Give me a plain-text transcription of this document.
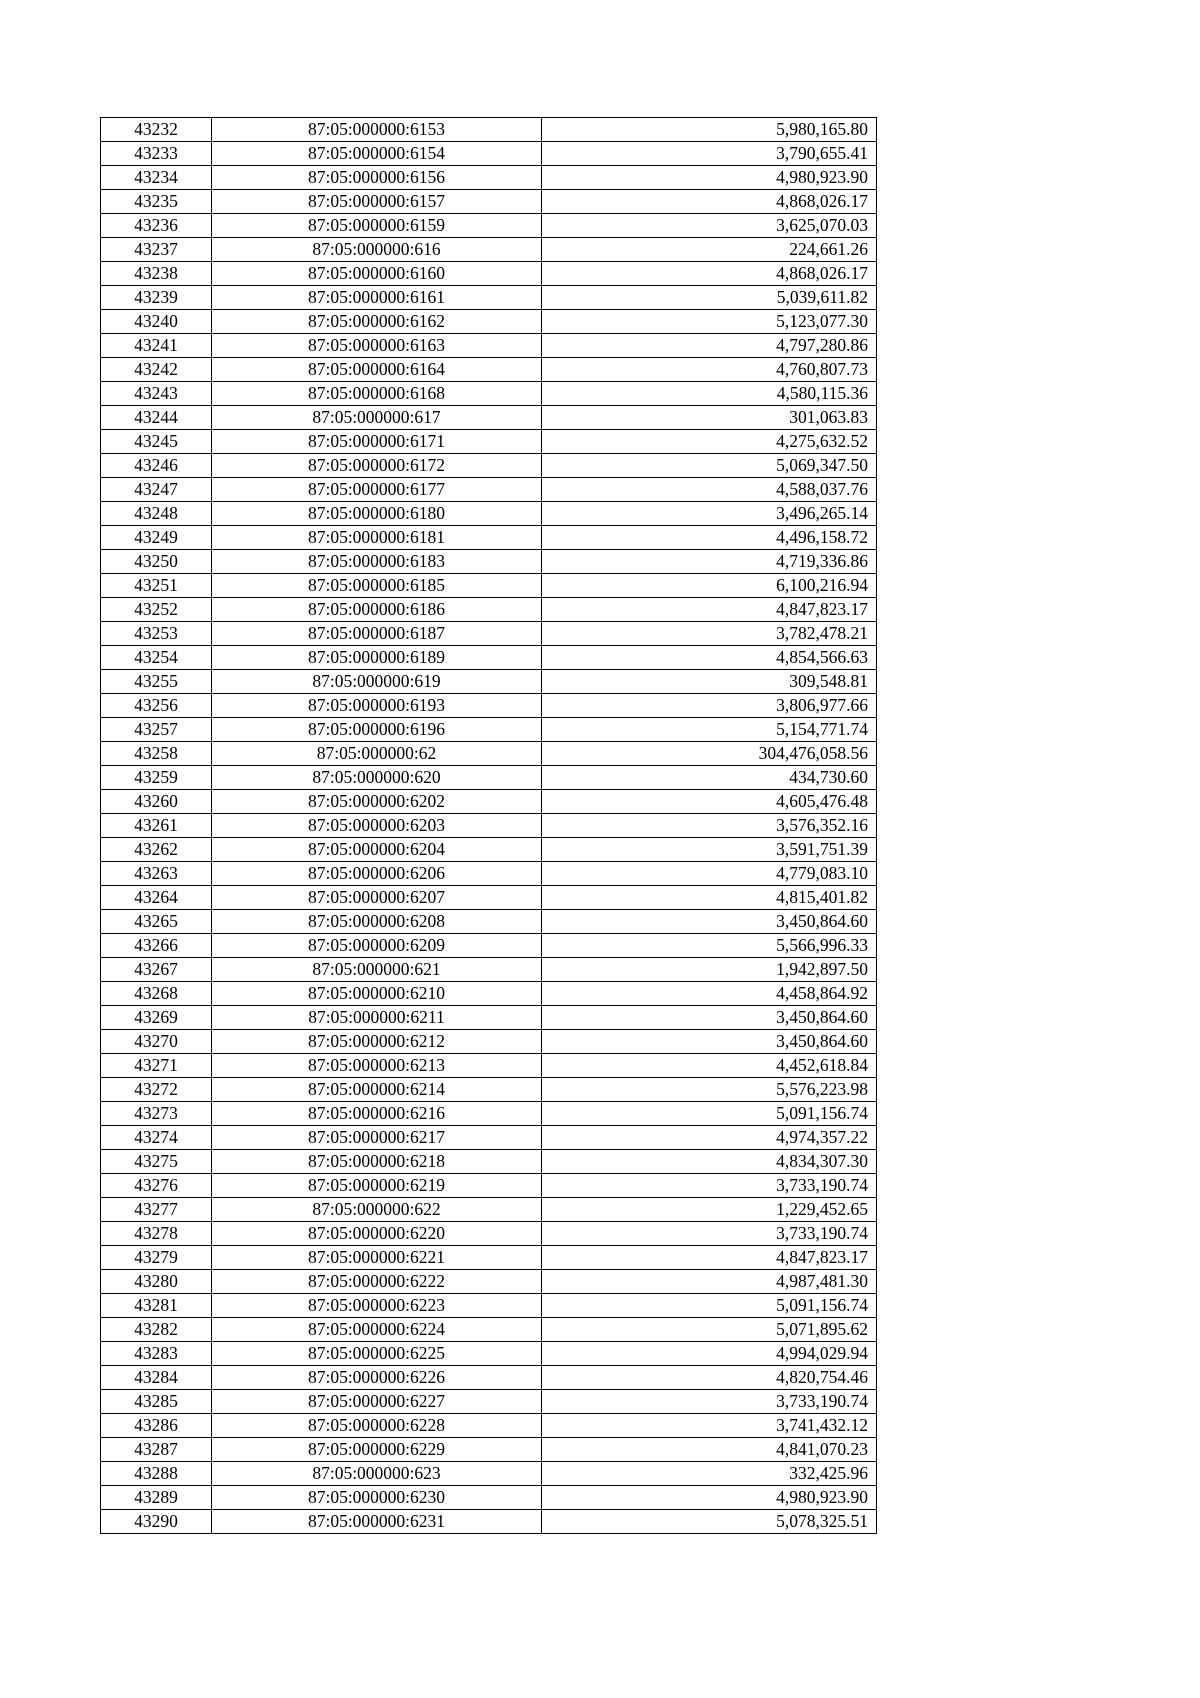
43232	87:05:000000:6153	5,980,165.80
43233	87:05:000000:6154	3,790,655.41
43234	87:05:000000:6156	4,980,923.90
43235	87:05:000000:6157	4,868,026.17
43236	87:05:000000:6159	3,625,070.03
43237	87:05:000000:616	224,661.26
43238	87:05:000000:6160	4,868,026.17
43239	87:05:000000:6161	5,039,611.82
43240	87:05:000000:6162	5,123,077.30
43241	87:05:000000:6163	4,797,280.86
43242	87:05:000000:6164	4,760,807.73
43243	87:05:000000:6168	4,580,115.36
43244	87:05:000000:617	301,063.83
43245	87:05:000000:6171	4,275,632.52
43246	87:05:000000:6172	5,069,347.50
43247	87:05:000000:6177	4,588,037.76
43248	87:05:000000:6180	3,496,265.14
43249	87:05:000000:6181	4,496,158.72
43250	87:05:000000:6183	4,719,336.86
43251	87:05:000000:6185	6,100,216.94
43252	87:05:000000:6186	4,847,823.17
43253	87:05:000000:6187	3,782,478.21
43254	87:05:000000:6189	4,854,566.63
43255	87:05:000000:619	309,548.81
43256	87:05:000000:6193	3,806,977.66
43257	87:05:000000:6196	5,154,771.74
43258	87:05:000000:62	304,476,058.56
43259	87:05:000000:620	434,730.60
43260	87:05:000000:6202	4,605,476.48
43261	87:05:000000:6203	3,576,352.16
43262	87:05:000000:6204	3,591,751.39
43263	87:05:000000:6206	4,779,083.10
43264	87:05:000000:6207	4,815,401.82
43265	87:05:000000:6208	3,450,864.60
43266	87:05:000000:6209	5,566,996.33
43267	87:05:000000:621	1,942,897.50
43268	87:05:000000:6210	4,458,864.92
43269	87:05:000000:6211	3,450,864.60
43270	87:05:000000:6212	3,450,864.60
43271	87:05:000000:6213	4,452,618.84
43272	87:05:000000:6214	5,576,223.98
43273	87:05:000000:6216	5,091,156.74
43274	87:05:000000:6217	4,974,357.22
43275	87:05:000000:6218	4,834,307.30
43276	87:05:000000:6219	3,733,190.74
43277	87:05:000000:622	1,229,452.65
43278	87:05:000000:6220	3,733,190.74
43279	87:05:000000:6221	4,847,823.17
43280	87:05:000000:6222	4,987,481.30
43281	87:05:000000:6223	5,091,156.74
43282	87:05:000000:6224	5,071,895.62
43283	87:05:000000:6225	4,994,029.94
43284	87:05:000000:6226	4,820,754.46
43285	87:05:000000:6227	3,733,190.74
43286	87:05:000000:6228	3,741,432.12
43287	87:05:000000:6229	4,841,070.23
43288	87:05:000000:623	332,425.96
43289	87:05:000000:6230	4,980,923.90
43290	87:05:000000:6231	5,078,325.51
